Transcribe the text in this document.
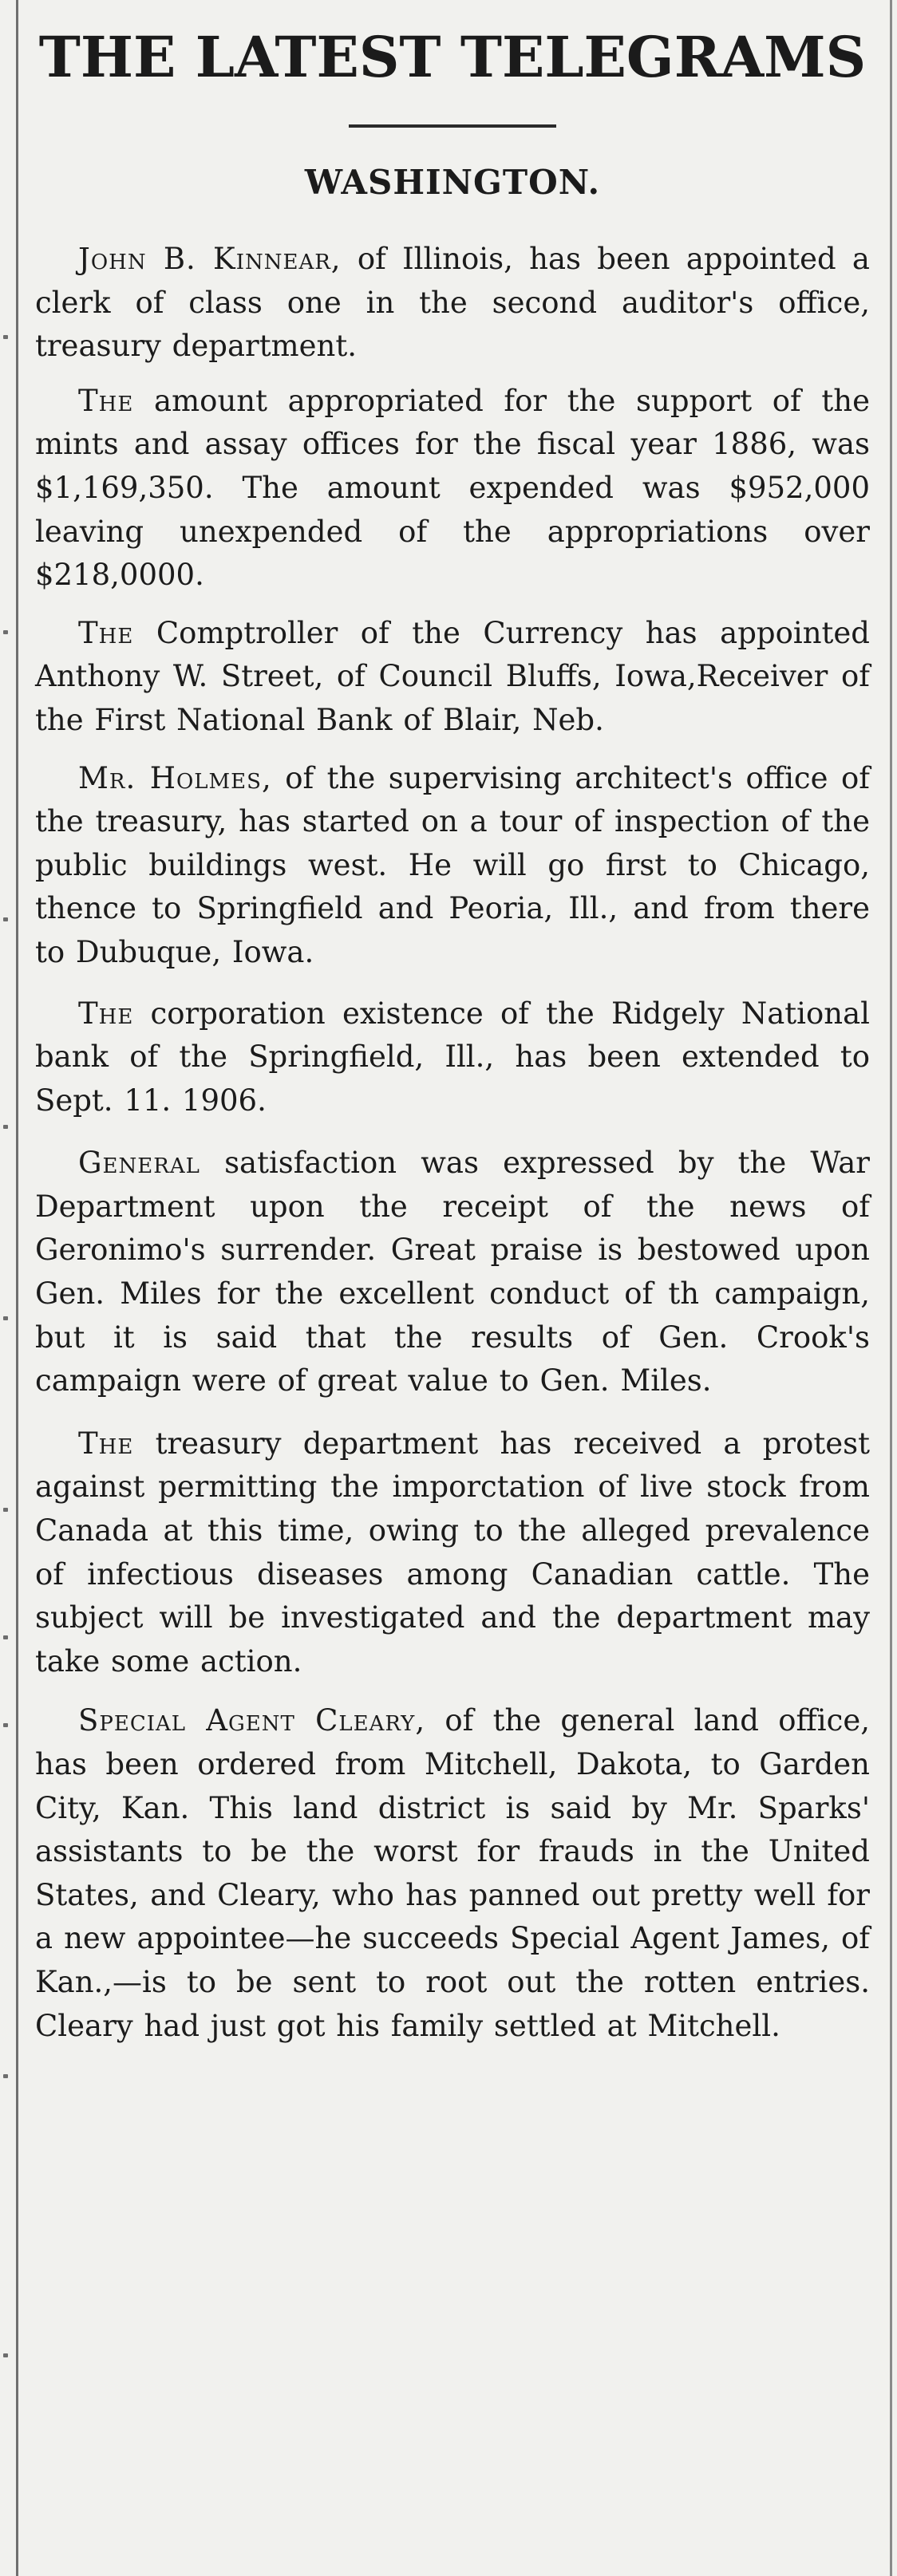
THE LATEST TELEGRAMS
WASHINGTON.

John B. Kinnear, of Illinois, has been appointed a clerk of class one in the second auditor's office, treasury department.

The amount appropriated for the support of the mints and assay offices for the fiscal year 1886, was $1,169,350. The amount expended was $952,000 leaving unexpended of the appropriations over $218,0000.

The Comptroller of the Currency has appointed Anthony W. Street, of Council Bluffs, Iowa,Receiver of the First National Bank of Blair, Neb.

Mr. Holmes, of the supervising architect's office of the treasury, has started on a tour of inspection of the public buildings west. He will go first to Chicago, thence to Springfield and Peoria, Ill., and from there to Dubuque, Iowa.

The corporation existence of the Ridgely National bank of the Springfield, Ill., has been extended to Sept. 11. 1906.

General satisfaction was expressed by the War Department upon the receipt of the news of Geronimo's surrender. Great praise is bestowed upon Gen. Miles for the excellent conduct of th campaign, but it is said that the results of Gen. Crook's campaign were of great value to Gen. Miles.

The treasury department has received a protest against permitting the imporctation of live stock from Canada at this time, owing to the alleged prevalence of infectious diseases among Canadian cattle. The subject will be investigated and the department may take some action.

Special Agent Cleary, of the general land office, has been ordered from Mitchell, Dakota, to Garden City, Kan. This land district is said by Mr. Sparks' assistants to be the worst for frauds in the United States, and Cleary, who has panned out pretty well for a new appointee—he succeeds Special Agent James, of Kan.,—is to be sent to root out the rotten entries. Cleary had just got his family settled at Mitchell.
